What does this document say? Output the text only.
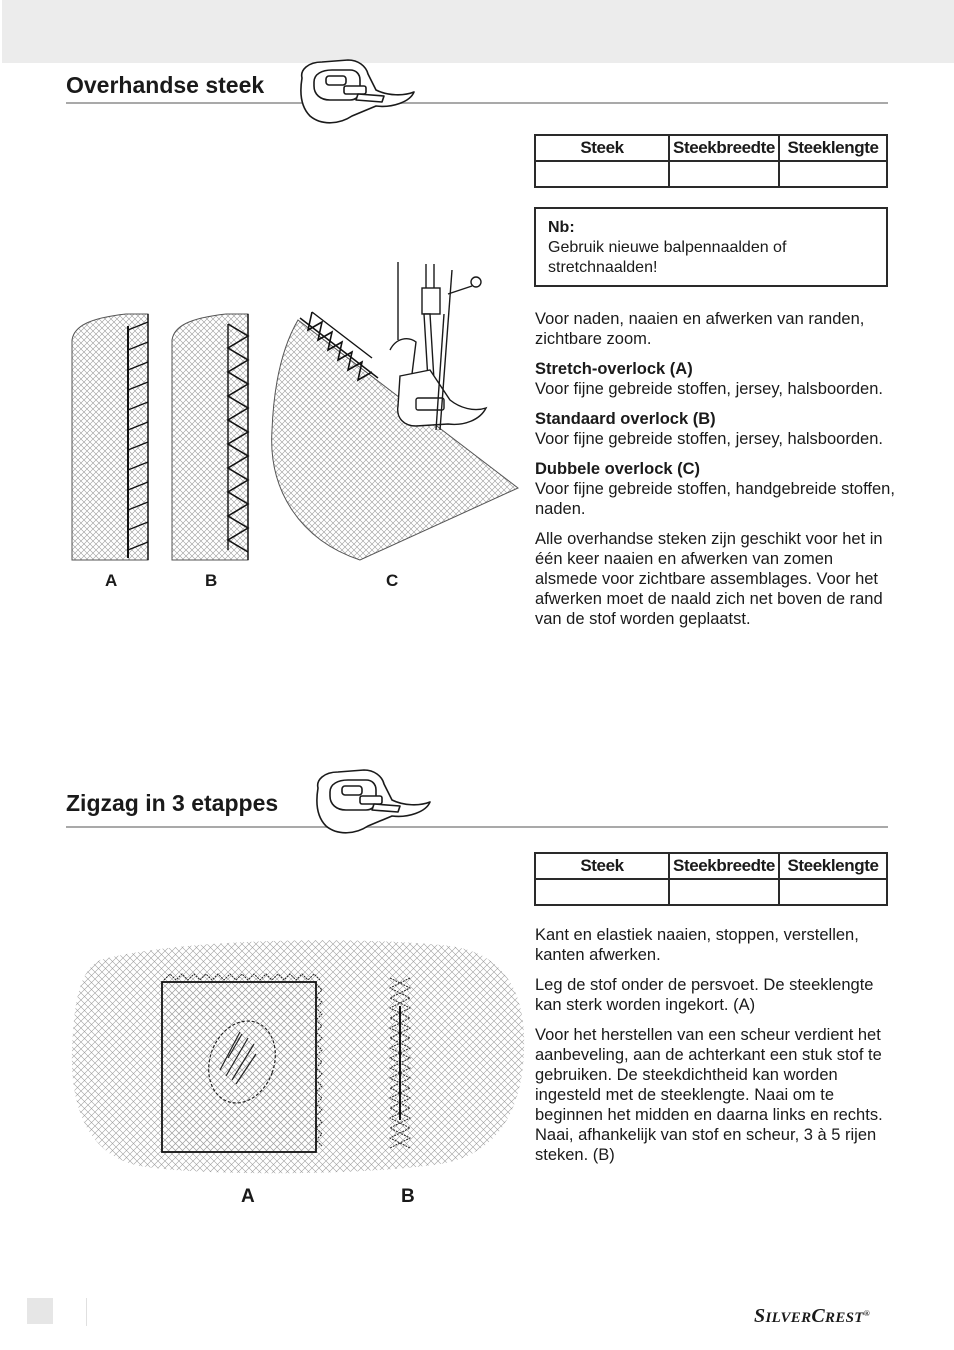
Overhandse steek
Steek	Steekbreedte	Steeklengte

Nb:
Gebruik nieuwe balpennaalden of stretchnaalden!

Voor naden, naaien en afwerken van randen, zichtbare zoom.

Stretch-overlock (A)
Voor fijne gebreide stoffen, jersey, halsboorden.

Standaard overlock (B)
Voor fijne gebreide stoffen, jersey, halsboorden.

Dubbele overlock (C)
Voor fijne gebreide stoffen, handgebreide stoffen, naden.

Alle overhandse steken zijn geschikt voor het in één keer naaien en afwerken van zomen alsmede voor zichtbare assemblages. Voor het afwerken moet de naald zich net boven de rand van de stof worden geplaatst.

A	B	C
Zigzag in 3 etappes
Steek	Steekbreedte	Steeklengte

Kant en elastiek naaien, stoppen, verstellen, kanten afwerken.

Leg de stof onder de persvoet. De steeklengte kan sterk worden ingekort. (A)

Voor het herstellen van een scheur verdient het aanbeveling, aan de achterkant een stuk stof te gebruiken. De steekdichtheid kan worden ingesteld met de steeklengte. Naai om te beginnen het midden en daarna links en rechts. Naai, afhankelijk van stof en scheur, 3 à 5 rijen steken. (B)

A	B
SILVERCREST®
